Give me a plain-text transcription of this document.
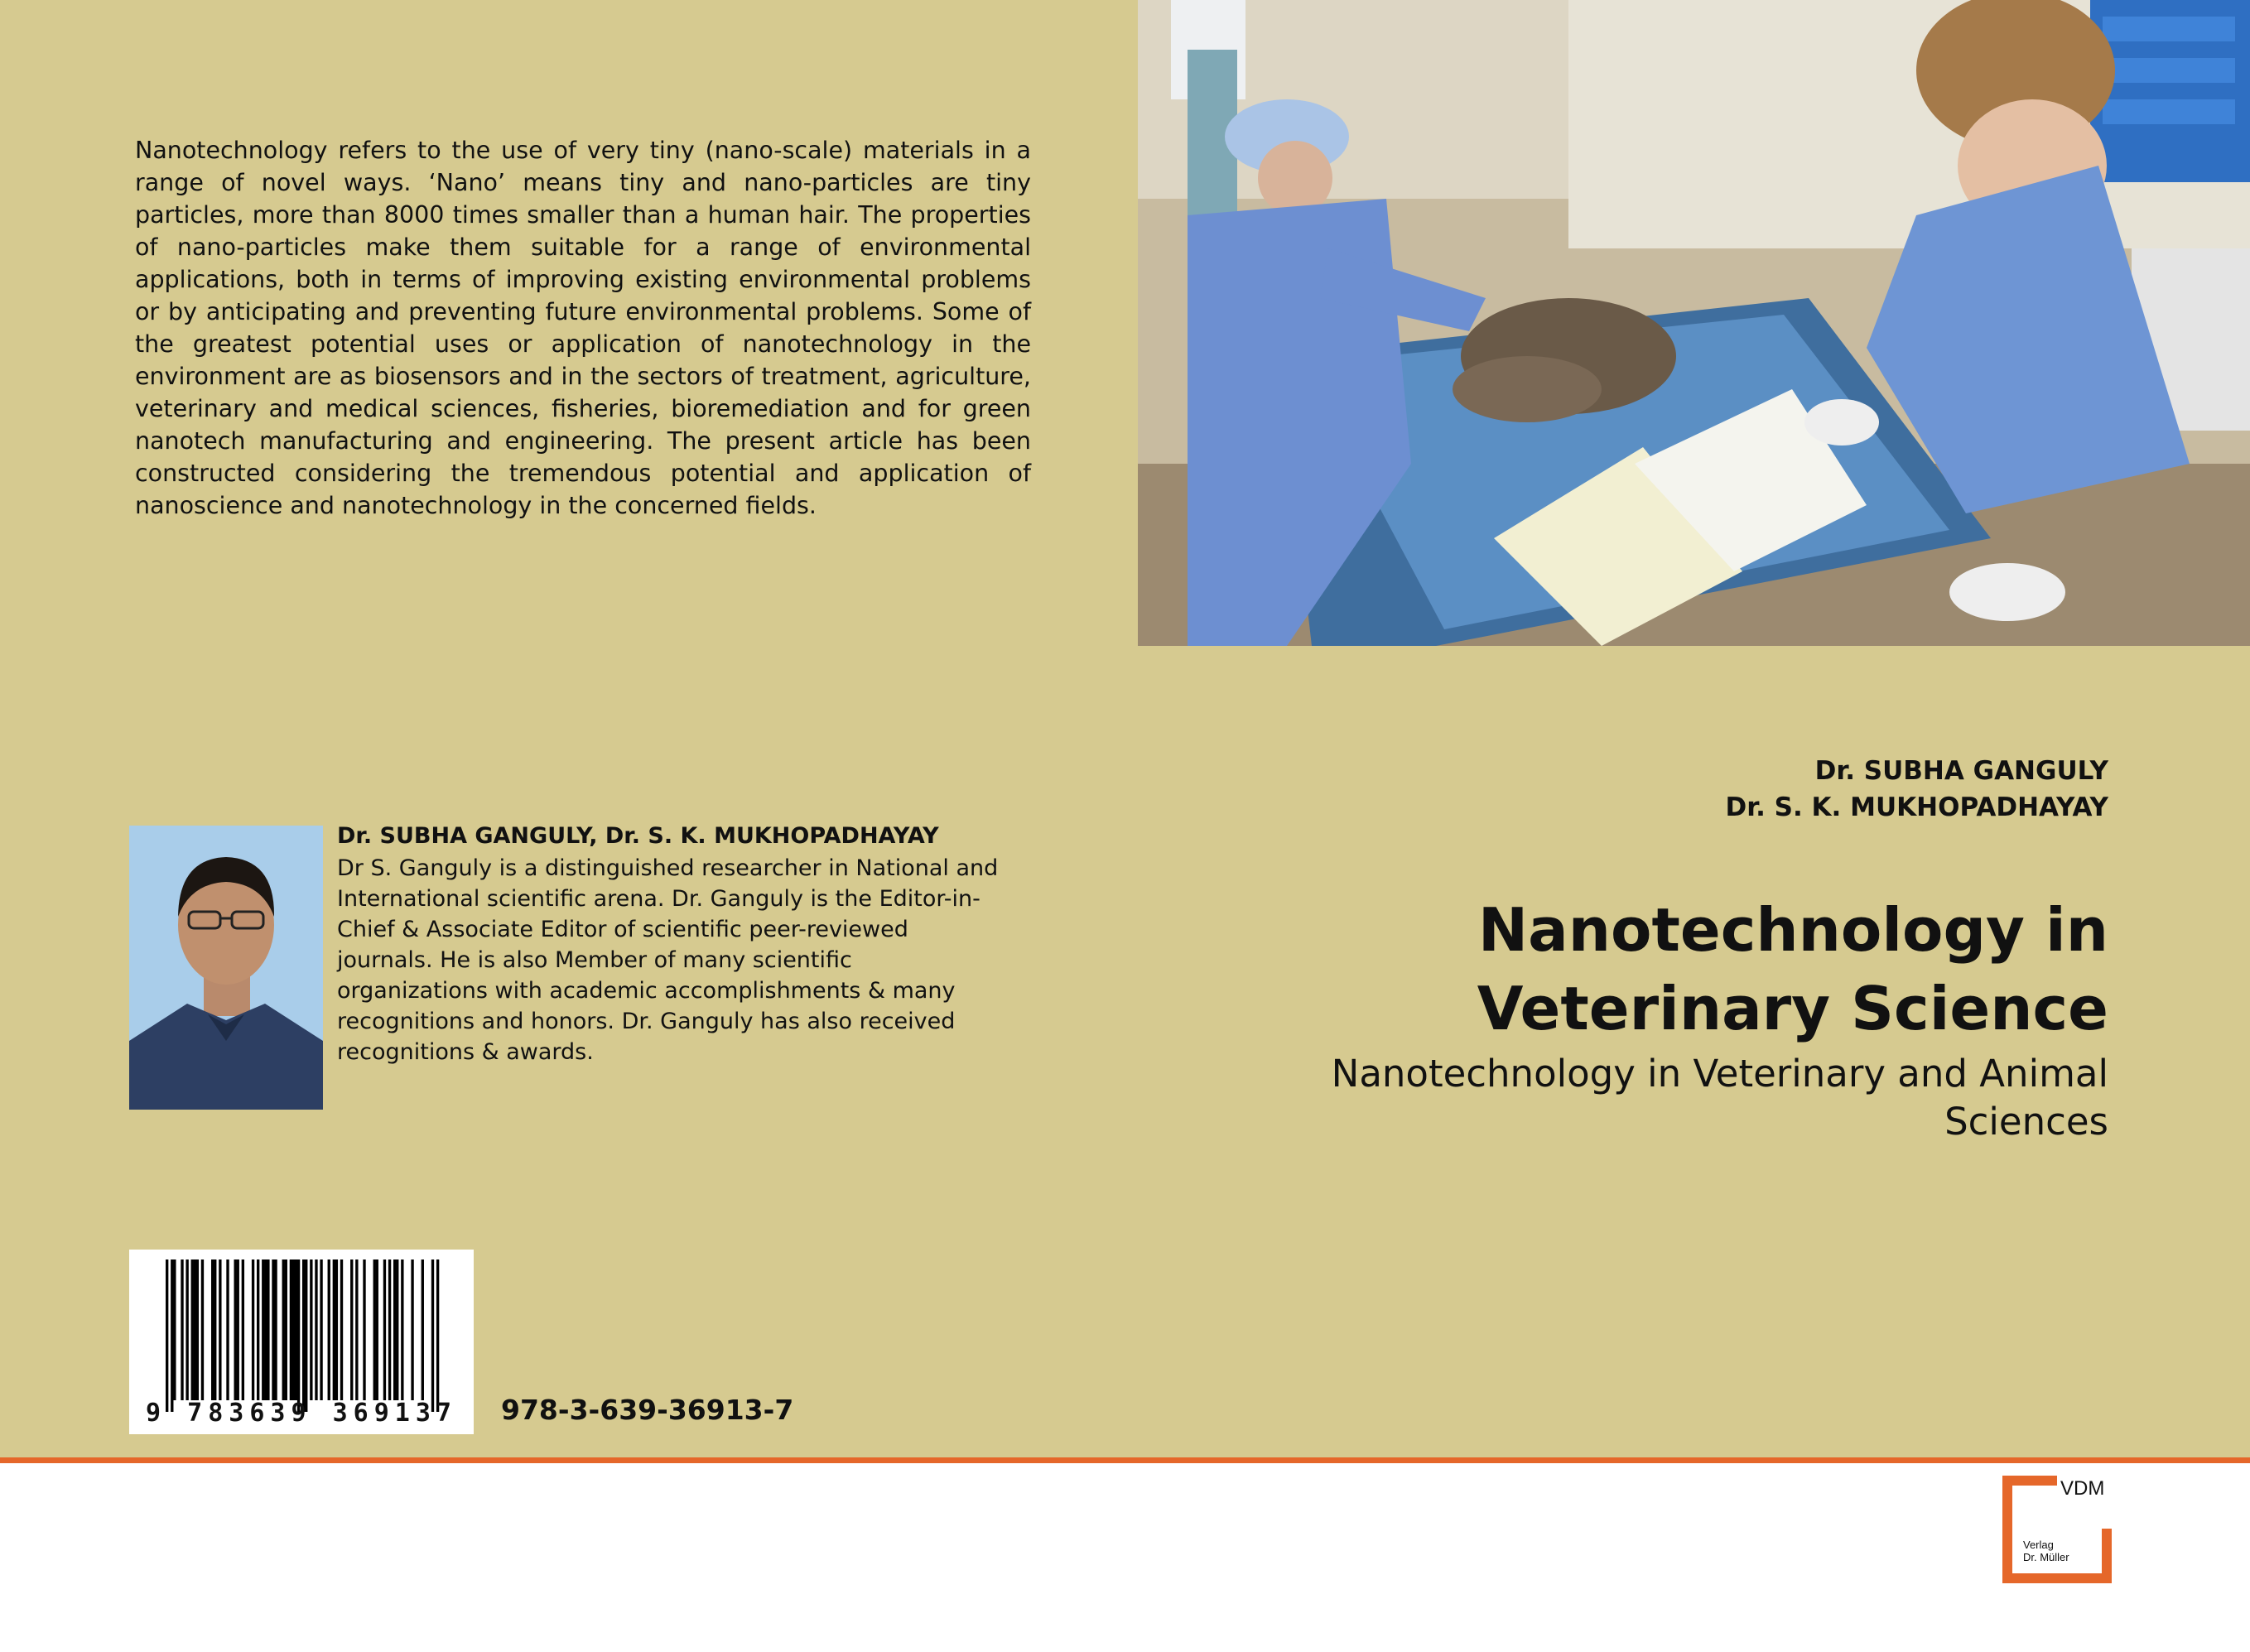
Nanotechnology refers to the use of very tiny (nano-scale) materials in a range of novel ways. ‘Nano’ means tiny and nano-particles are tiny particles, more than 8000 times smaller than a human hair. The properties of nano-particles make them suitable for a range of environmental applications, both in terms of improving existing environmental problems or by anticipating and preventing future environmental problems. Some of the greatest potential uses or application of nanotechnology in the environment are as biosensors and in the sectors of treatment, agriculture, veterinary and medical sciences, fisheries, bioremediation and for green nanotech manufacturing and engineering. The present article has been constructed considering the tremendous potential and application of nanoscience and nanotechnology in the concerned fields.

Dr. SUBHA GANGULY, Dr. S. K. MUKHOPADHAYAY

Dr S. Ganguly is a distinguished researcher in National and International scientific arena. Dr. Ganguly is the Editor-in-Chief & Associate Editor of scientific peer-reviewed journals. He is also Member of many scientific organizations with academic accomplishments & many recognitions and honors. Dr. Ganguly has also received recognitions & awards.

Dr. SUBHA GANGULY
Dr. S. K. MUKHOPADHAYAY
Nanotechnology in Veterinary Science

Nanotechnology in Veterinary and Animal Sciences

9 783639 369137 978-3-639-36913-7
VDM
Verlag
Dr. Müller
